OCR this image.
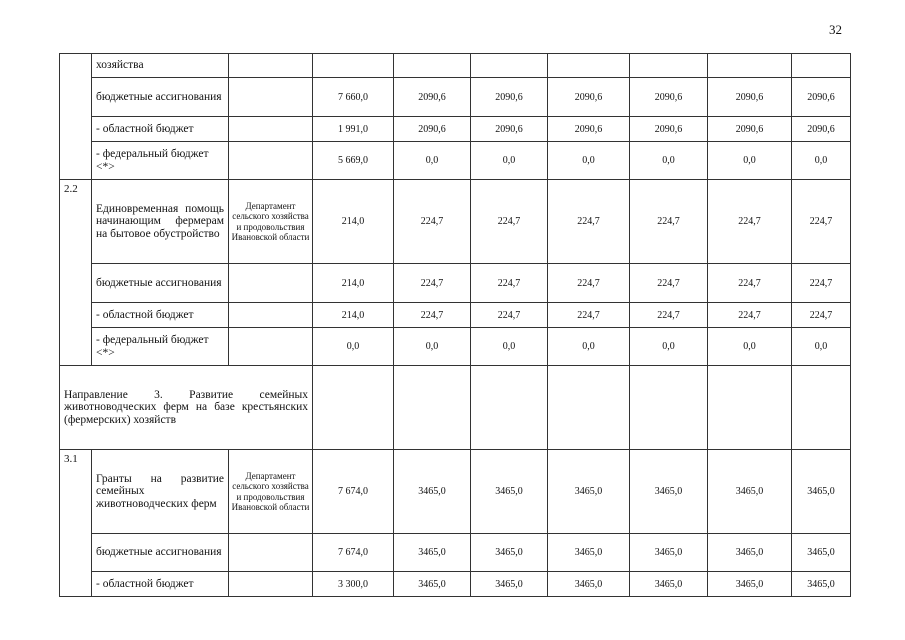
32
	хозяйства								
	бюджетные ассигнования		7 660,0	2090,6	2090,6	2090,6	2090,6	2090,6	2090,6
	- областной бюджет		1 991,0	2090,6	2090,6	2090,6	2090,6	2090,6	2090,6
	- федеральный бюджет <*>		5 669,0	0,0	0,0	0,0	0,0	0,0	0,0
2.2	Единовременная помощь начинающим фермерам на бытовое обустройство	Департамент сельского хозяйства и продовольствия Ивановской области	214,0	224,7	224,7	224,7	224,7	224,7	224,7
	бюджетные ассигнования		214,0	224,7	224,7	224,7	224,7	224,7	224,7
	- областной бюджет		214,0	224,7	224,7	224,7	224,7	224,7	224,7
	- федеральный бюджет <*>		0,0	0,0	0,0	0,0	0,0	0,0	0,0
Направление 3. Развитие семейных животноводческих ферм на базе крестьянских (фермерских) хозяйств									
3.1	Гранты на развитие семейных животноводческих ферм	Департамент сельского хозяйства и продовольствия Ивановской области	7 674,0	3465,0	3465,0	3465,0	3465,0	3465,0	3465,0
	бюджетные ассигнования		7 674,0	3465,0	3465,0	3465,0	3465,0	3465,0	3465,0
	- областной бюджет		3 300,0	3465,0	3465,0	3465,0	3465,0	3465,0	3465,0
